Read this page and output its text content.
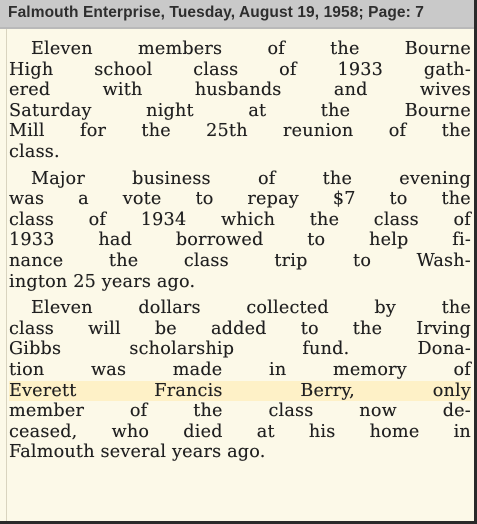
Falmouth Enterprise, Tuesday, August 19, 1958; Page: 7

Eleven	members	of	the	Bourne
High school class of 1933 gath-
ered	with	husbands	and	wives
Saturday	night	at	the	Bourne
Mill for the 25th reunion of the
class.

Major	business	of	the	evening
was a vote to repay $7 to the
class of 1934 which the class of
1933 had borrowed to help fi-
nance	the	class	trip	to	Wash-
ington 25 years ago.

Eleven	dollars	collected	by	the
class will be added to the Irving
Gibbs	scholarship	fund.	Dona-
tion	was	made	in	memory	of
Everett	Francis	Berry,	only
member	of	the	class	now	de-
ceased, who died at his home in
Falmouth several years ago.
